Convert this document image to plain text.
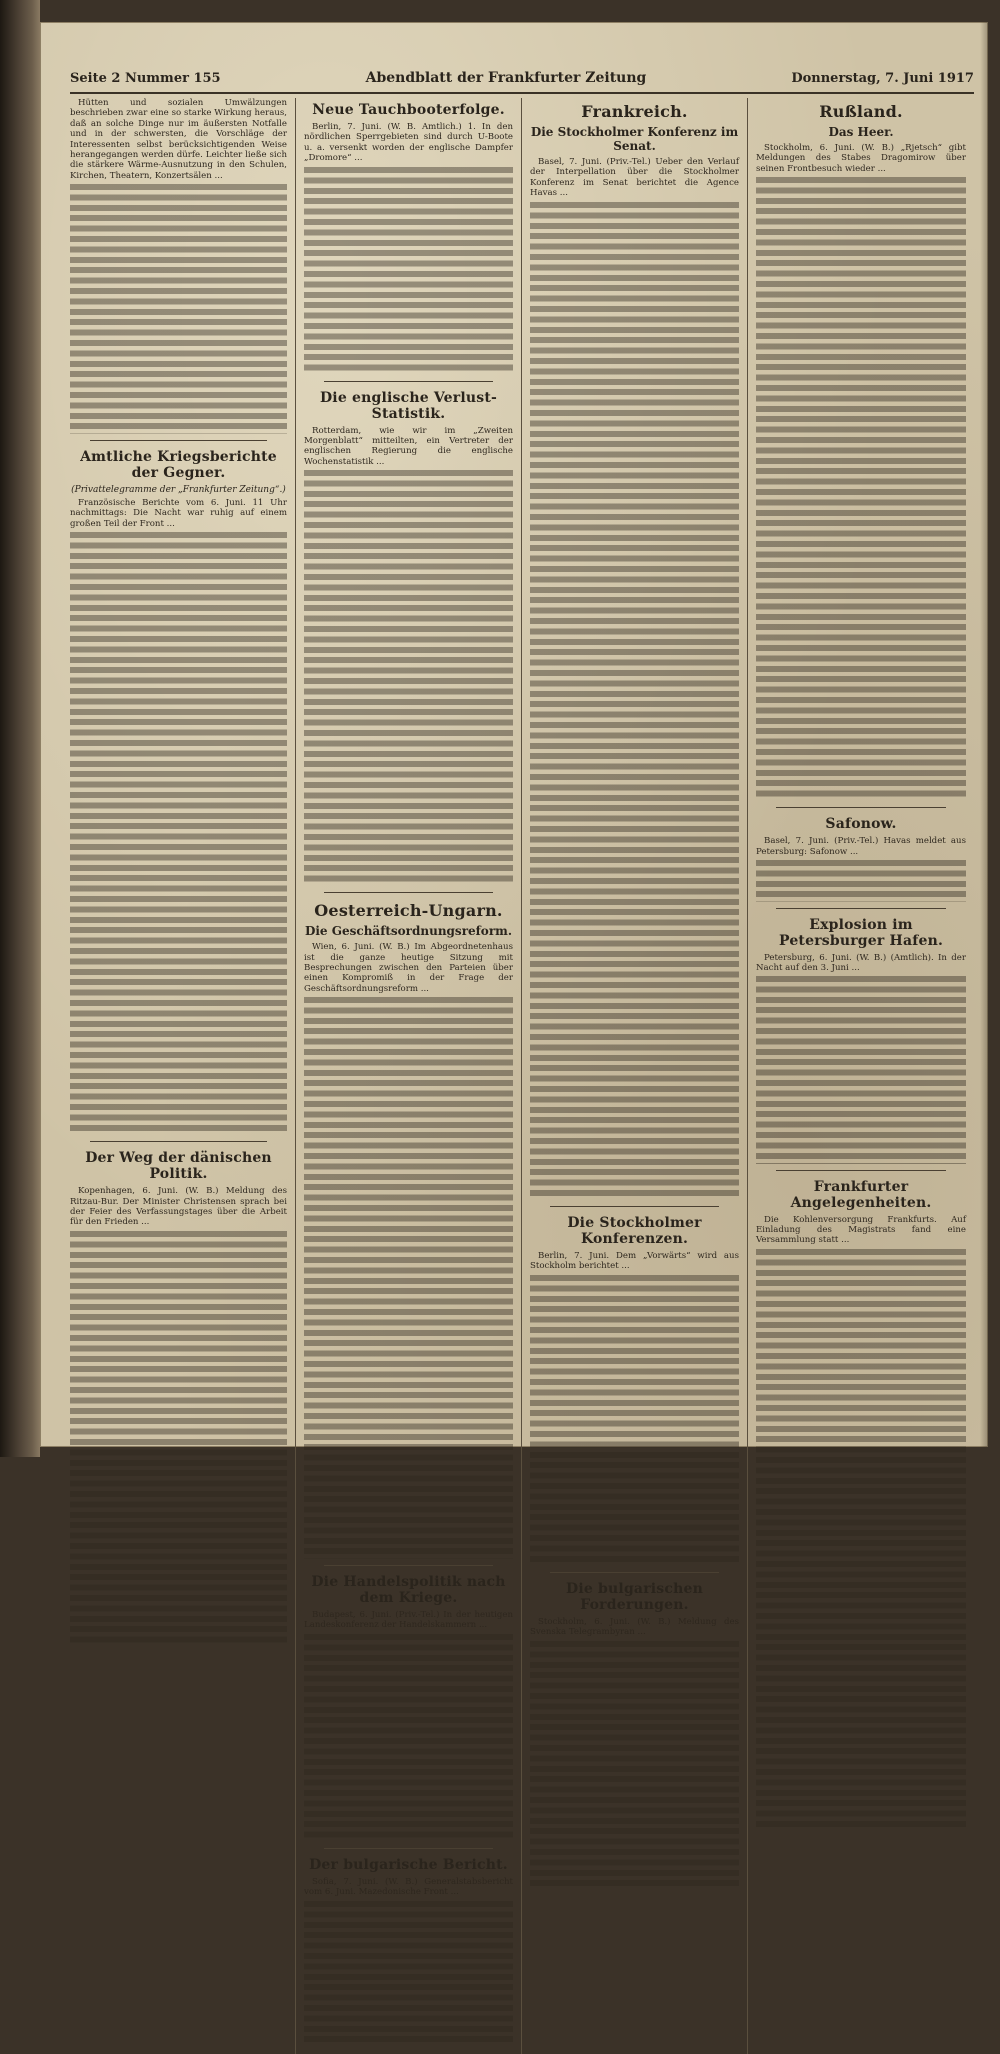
Seite 2 Nummer 155	Abendblatt der Frankfurter Zeitung	Donnerstag, 7. Juni 1917

Hütten und sozialen Umwälzungen beschrieben zwar eine so starke Wirkung heraus, daß an solche Dinge nur im äußersten Notfalle und in der schwersten, die Vorschläge der Interessenten selbst berücksichtigenden Weise herangegangen werden dürfe. Leichter ließe sich die stärkere Wärme-Ausnutzung in den Schulen, Kirchen, Theatern, Konzertsälen ...

Amtliche Kriegsberichte der Gegner.
(Privattelegramme der „Frankfurter Zeitung“.)

Französische Berichte vom 6. Juni. 11 Uhr nachmittags: Die Nacht war ruhig auf einem großen Teil der Front ...

Der Weg der dänischen Politik.

Kopenhagen, 6. Juni. (W. B.) Meldung des Ritzau-Bur. Der Minister Christensen sprach bei der Feier des Verfassungstages über die Arbeit für den Frieden ...

Neue Tauchbooterfolge.

Berlin, 7. Juni. (W. B. Amtlich.) 1. In den nördlichen Sperrgebieten sind durch U-Boote u. a. versenkt worden der englische Dampfer „Dromore“ ...

Die englische Verlust-Statistik.

Rotterdam, wie wir im „Zweiten Morgenblatt“ mitteilten, ein Vertreter der englischen Regierung die englische Wochenstatistik ...

Oesterreich-Ungarn.
Die Geschäftsordnungsreform.

Wien, 6. Juni. (W. B.) Im Abgeordnetenhaus ist die ganze heutige Sitzung mit Besprechungen zwischen den Parteien über einen Kompromiß in der Frage der Geschäftsordnungsreform ...

Die Handelspolitik nach dem Kriege.

Budapest, 6. Juni. (Priv.-Tel.) In der heutigen Landeskonferenz der Handelskammern ...

Der bulgarische Bericht.

Sofia, 7. Juni. (W. B.) Generalstabsbericht vom 6. Juni. Mazedonische Front ...

Frankreich.
Die Stockholmer Konferenz im Senat.

Basel, 7. Juni. (Priv.-Tel.) Ueber den Verlauf der Interpellation über die Stockholmer Konferenz im Senat berichtet die Agence Havas ...

Die Stockholmer Konferenzen.

Berlin, 7. Juni. Dem „Vorwärts“ wird aus Stockholm berichtet ...

Die bulgarischen Forderungen.

Stockholm, 6. Juni. (W. B.) Meldung des Svenska Telegrambyran ...

Rußland.
Das Heer.

Stockholm, 6. Juni. (W. B.) „Rjetsch“ gibt Meldungen des Stabes Dragomirow über seinen Frontbesuch wieder ...

Safonow.

Basel, 7. Juni. (Priv.-Tel.) Havas meldet aus Petersburg: Safonow ...

Explosion im Petersburger Hafen.

Petersburg, 6. Juni. (W. B.) (Amtlich). In der Nacht auf den 3. Juni ...

Frankfurter Angelegenheiten.

Die Kohlenversorgung Frankfurts. Auf Einladung des Magistrats fand eine Versammlung statt ...
